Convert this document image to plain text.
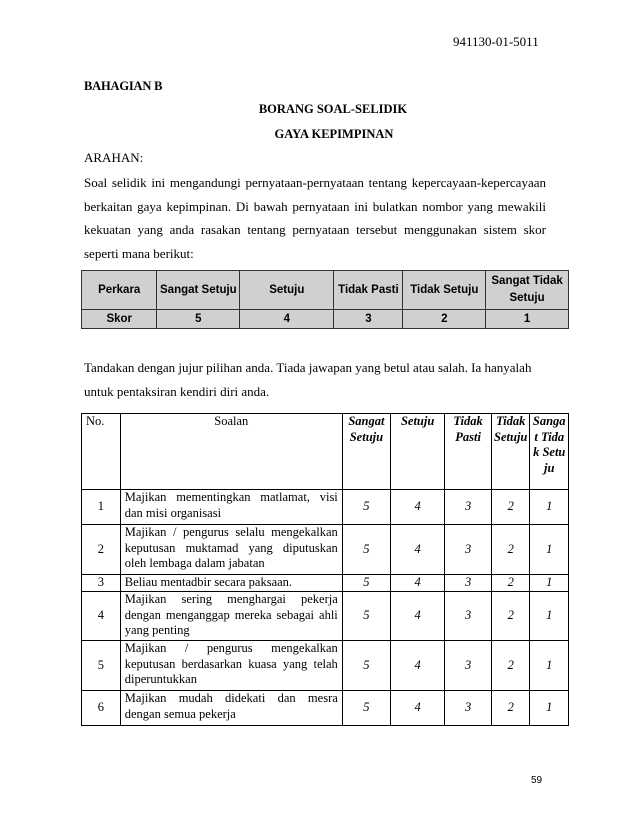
941130-01-5011
BAHAGIAN B
BORANG SOAL-SELIDIK
GAYA KEPIMPINAN
ARAHAN:
Soal selidik ini mengandungi pernyataan-pernyataan tentang kepercayaan-kepercayaan berkaitan gaya kepimpinan. Di bawah pernyataan ini bulatkan nombor yang mewakili kekuatan yang anda rasakan tentang pernyataan tersebut menggunakan sistem skor seperti mana berikut:
Perkara	Sangat Setuju	Setuju	Tidak Pasti	Tidak Setuju	Sangat Tidak Setuju
Skor	5	4	3	2	1
Tandakan dengan jujur pilihan anda. Tiada jawapan yang betul atau salah. Ia hanyalah untuk pentaksiran kendiri diri anda.
No.	Soalan	Sangat Setuju	Setuju	Tidak Pasti	Tidak Setuju	Sangat Tidak Setuju
1	Majikan mementingkan matlamat, visi dan misi organisasi	5	4	3	2	1
2	Majikan / pengurus selalu mengekalkan keputusan muktamad yang diputuskan oleh lembaga dalam jabatan	5	4	3	2	1
3	Beliau mentadbir secara paksaan.	5	4	3	2	1
4	Majikan sering menghargai pekerja dengan menganggap mereka sebagai ahli yang penting	5	4	3	2	1
5	Majikan / pengurus mengekalkan keputusan berdasarkan kuasa yang telah diperuntukkan	5	4	3	2	1
6	Majikan mudah didekati dan mesra dengan semua pekerja	5	4	3	2	1
59
